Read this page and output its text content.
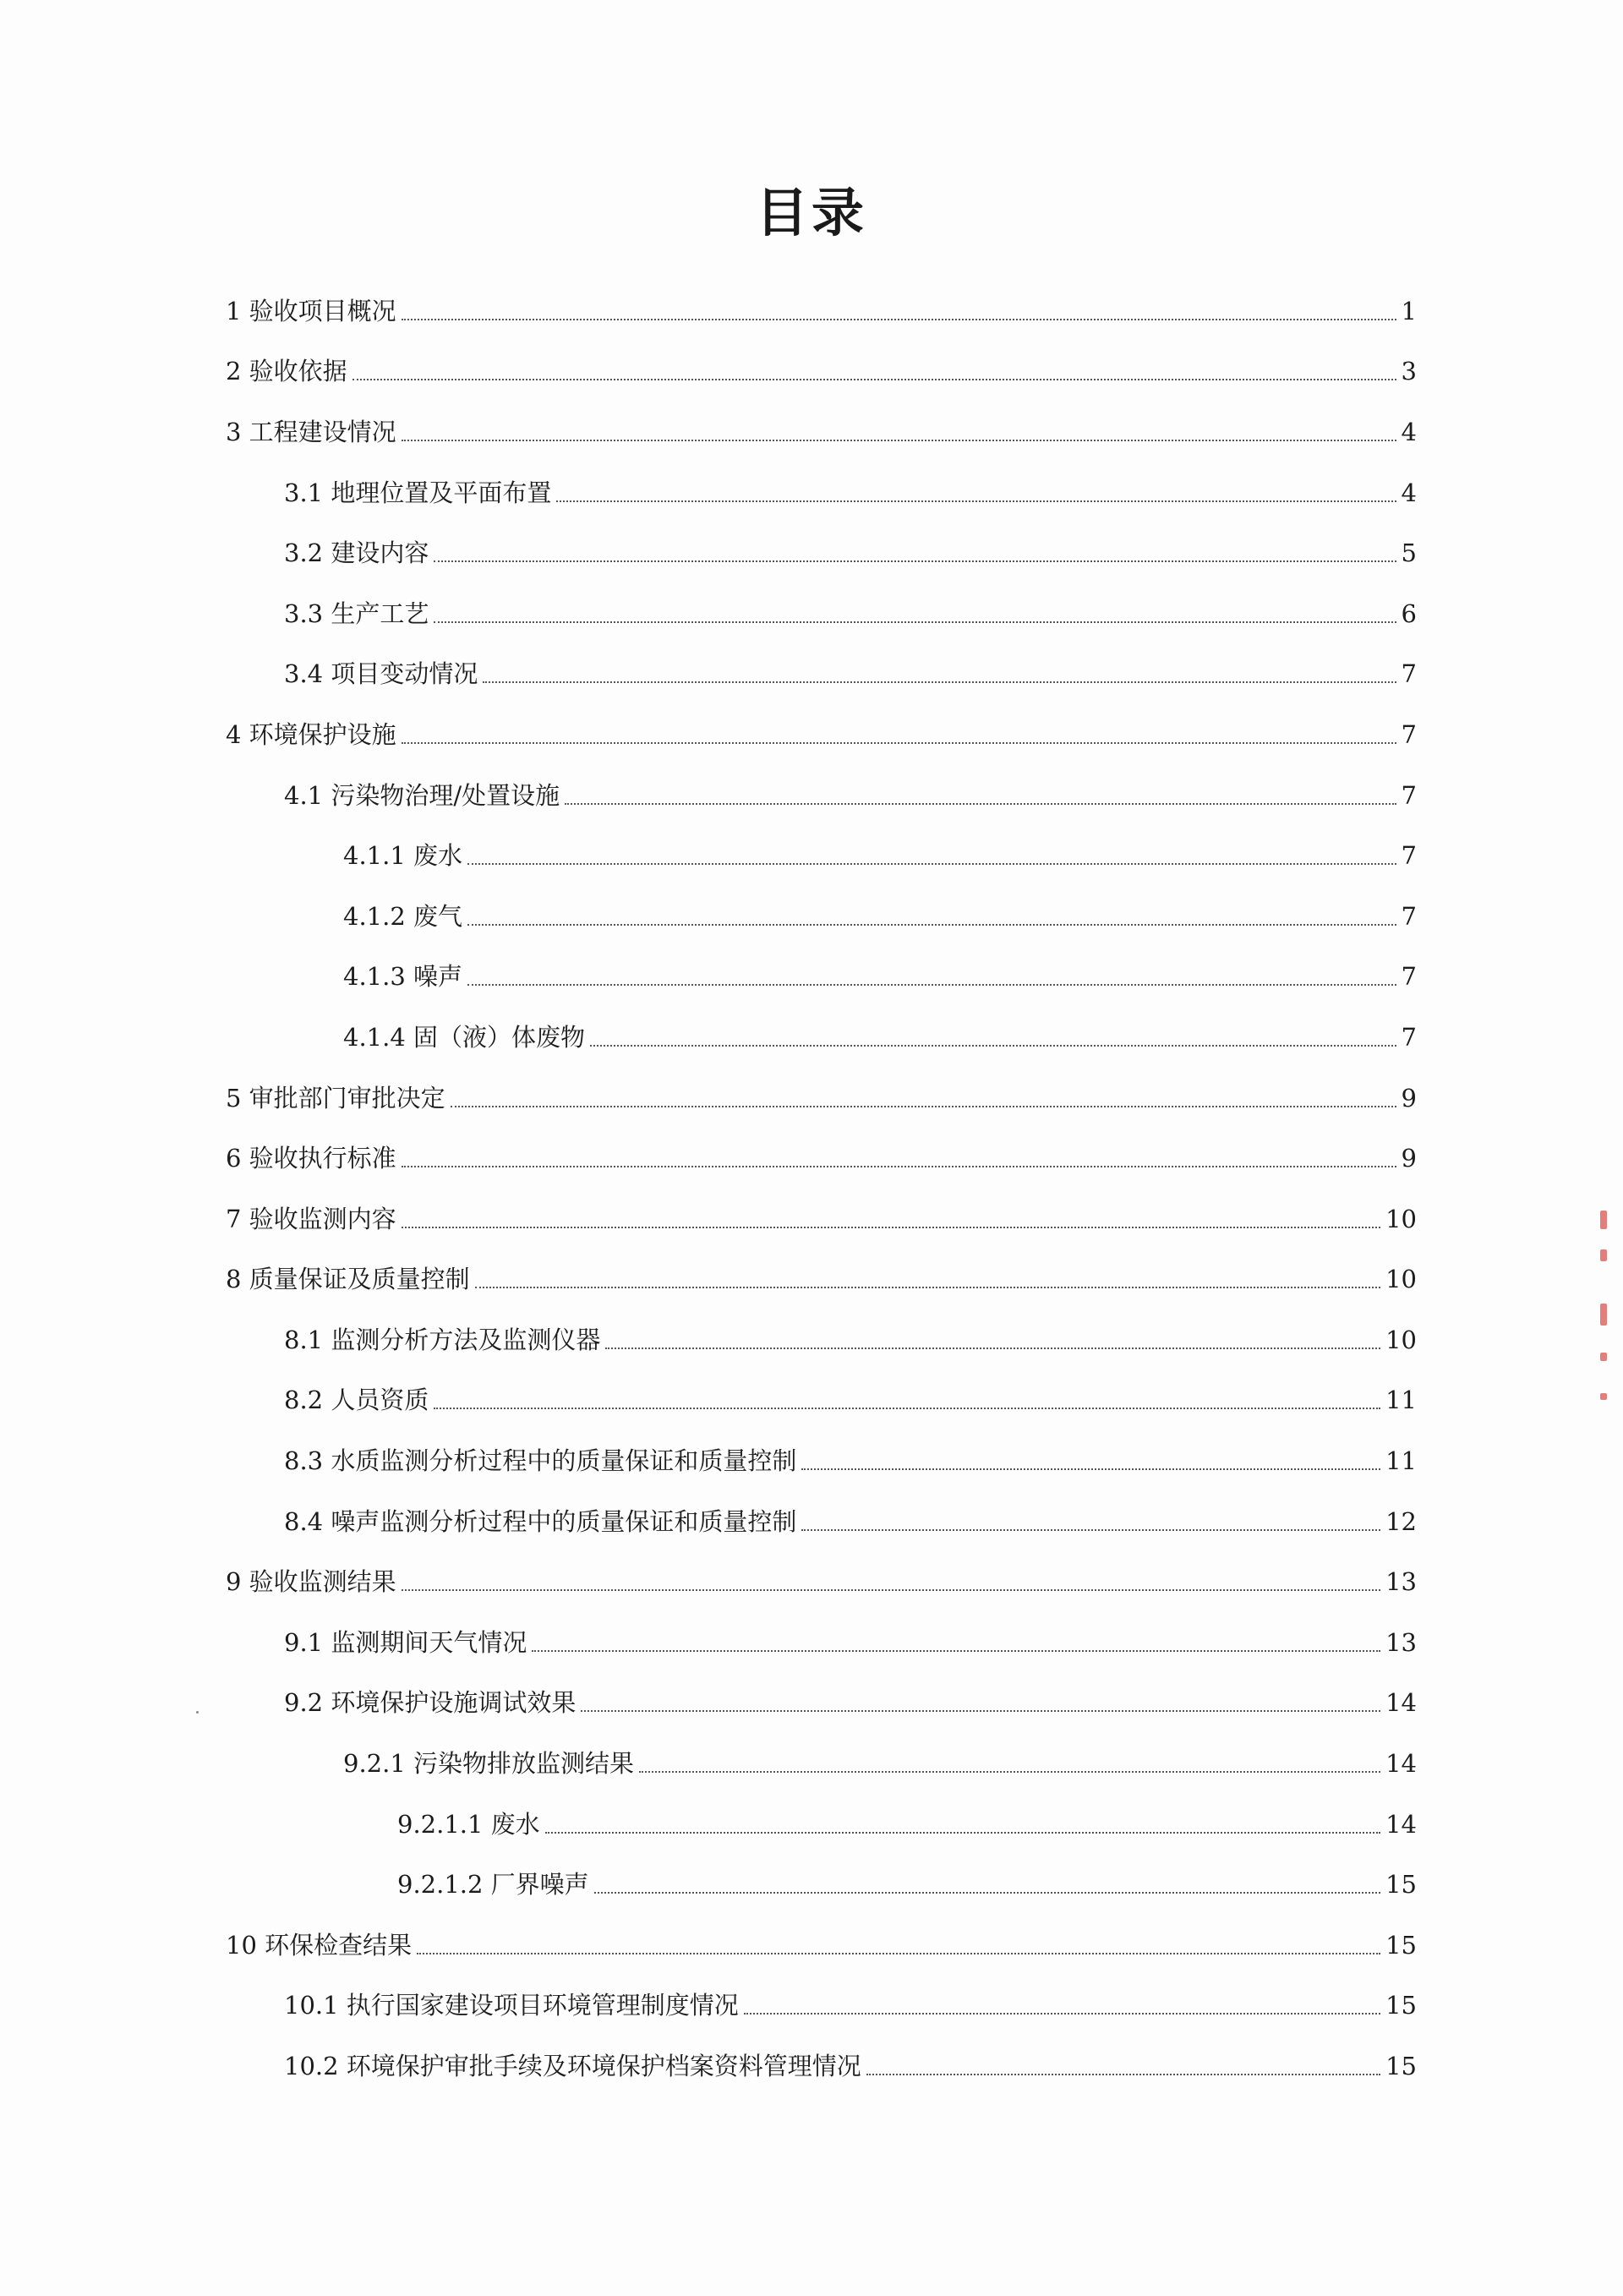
目录
1 验收项目概况	1
2 验收依据	3
3 工程建设情况	4
3.1 地理位置及平面布置	4
3.2 建设内容	5
3.3 生产工艺	6
3.4 项目变动情况	7
4 环境保护设施	7
4.1 污染物治理/处置设施	7
4.1.1 废水	7
4.1.2 废气	7
4.1.3 噪声	7
4.1.4 固（液）体废物	7
5 审批部门审批决定	9
6 验收执行标准	9
7 验收监测内容	10
8 质量保证及质量控制	10
8.1 监测分析方法及监测仪器	10
8.2 人员资质	11
8.3 水质监测分析过程中的质量保证和质量控制	11
8.4 噪声监测分析过程中的质量保证和质量控制	12
9 验收监测结果	13
9.1 监测期间天气情况	13
9.2 环境保护设施调试效果	14
9.2.1 污染物排放监测结果	14
9.2.1.1 废水	14
9.2.1.2 厂界噪声	15
10 环保检查结果	15
10.1 执行国家建设项目环境管理制度情况	15
10.2 环境保护审批手续及环境保护档案资料管理情况	15
